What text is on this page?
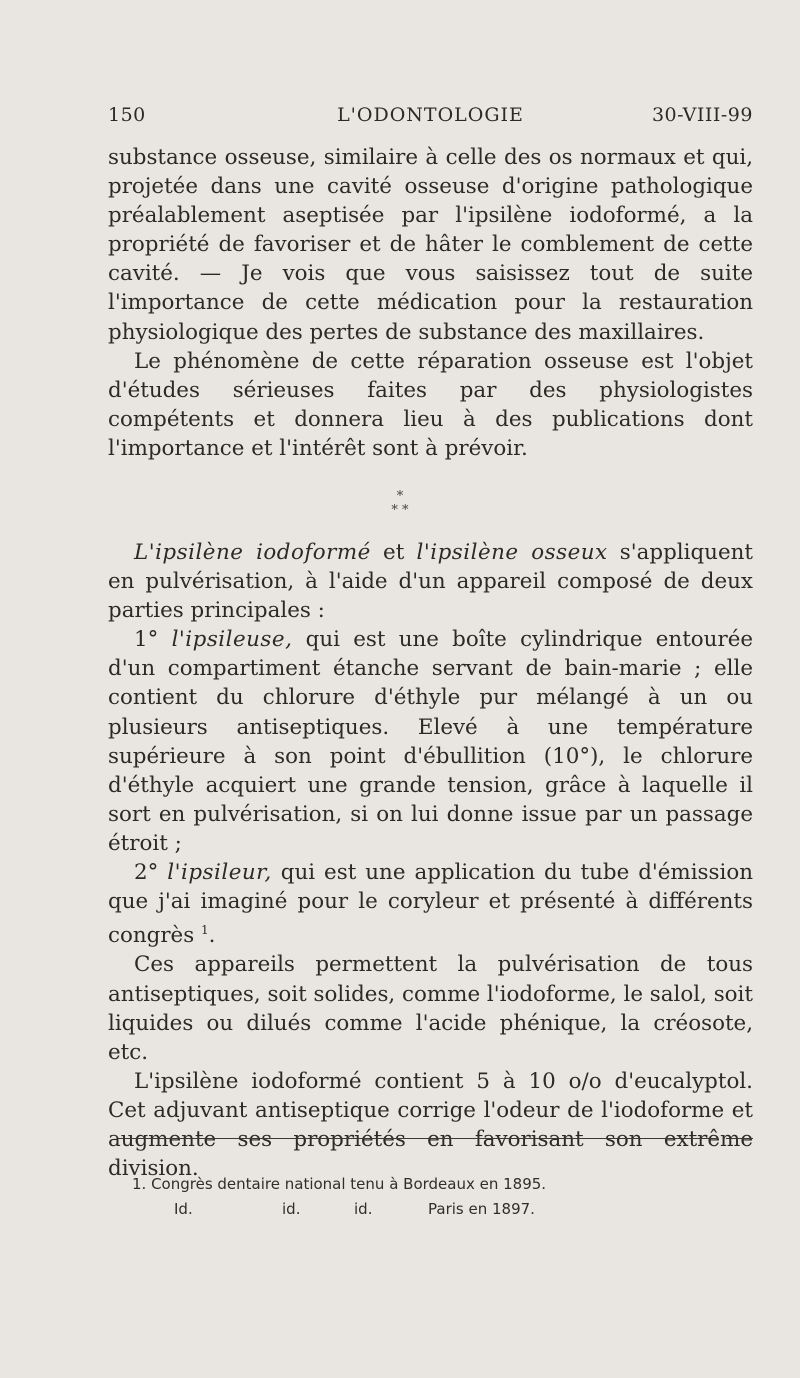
150	L'ODONTOLOGIE	30-VIII-99

substance osseuse, similaire à celle des os normaux et qui, projetée dans une cavité osseuse d'origine pathologique préalablement aseptisée par l'ipsilène iodoformé, a la propriété de favoriser et de hâter le comblement de cette cavité. — Je vois que vous saisissez tout de suite l'importance de cette médication pour la restauration physiologique des pertes de substance des maxillaires.

Le phénomène de cette réparation osseuse est l'objet d'études sérieuses faites par des physiologistes compétents et donnera lieu à des publications dont l'importance et l'intérêt sont à prévoir.

*
* *

L'ipsilène iodoformé et l'ipsilène osseux s'appliquent en pulvérisation, à l'aide d'un appareil composé de deux parties principales :

1° l'ipsileuse, qui est une boîte cylindrique entourée d'un compartiment étanche servant de bain-marie ; elle contient du chlorure d'éthyle pur mélangé à un ou plusieurs antiseptiques. Elevé à une température supérieure à son point d'ébullition (10°), le chlorure d'éthyle acquiert une grande tension, grâce à laquelle il sort en pulvérisation, si on lui donne issue par un passage étroit ;

2° l'ipsileur, qui est une application du tube d'émission que j'ai imaginé pour le coryleur et présenté à différents congrès $^1$.

Ces appareils permettent la pulvérisation de tous antiseptiques, soit solides, comme l'iodoforme, le salol, soit liquides ou dilués comme l'acide phénique, la créosote, etc.

L'ipsilène iodoformé contient 5 à 10 o/o d'eucalyptol. Cet adjuvant antiseptique corrige l'odeur de l'iodoforme et augmente ses propriétés en favorisant son extrême division.

1. Congrès dentaire national tenu à Bordeaux en 1895.
Id.	id.	id.	Paris en 1897.
